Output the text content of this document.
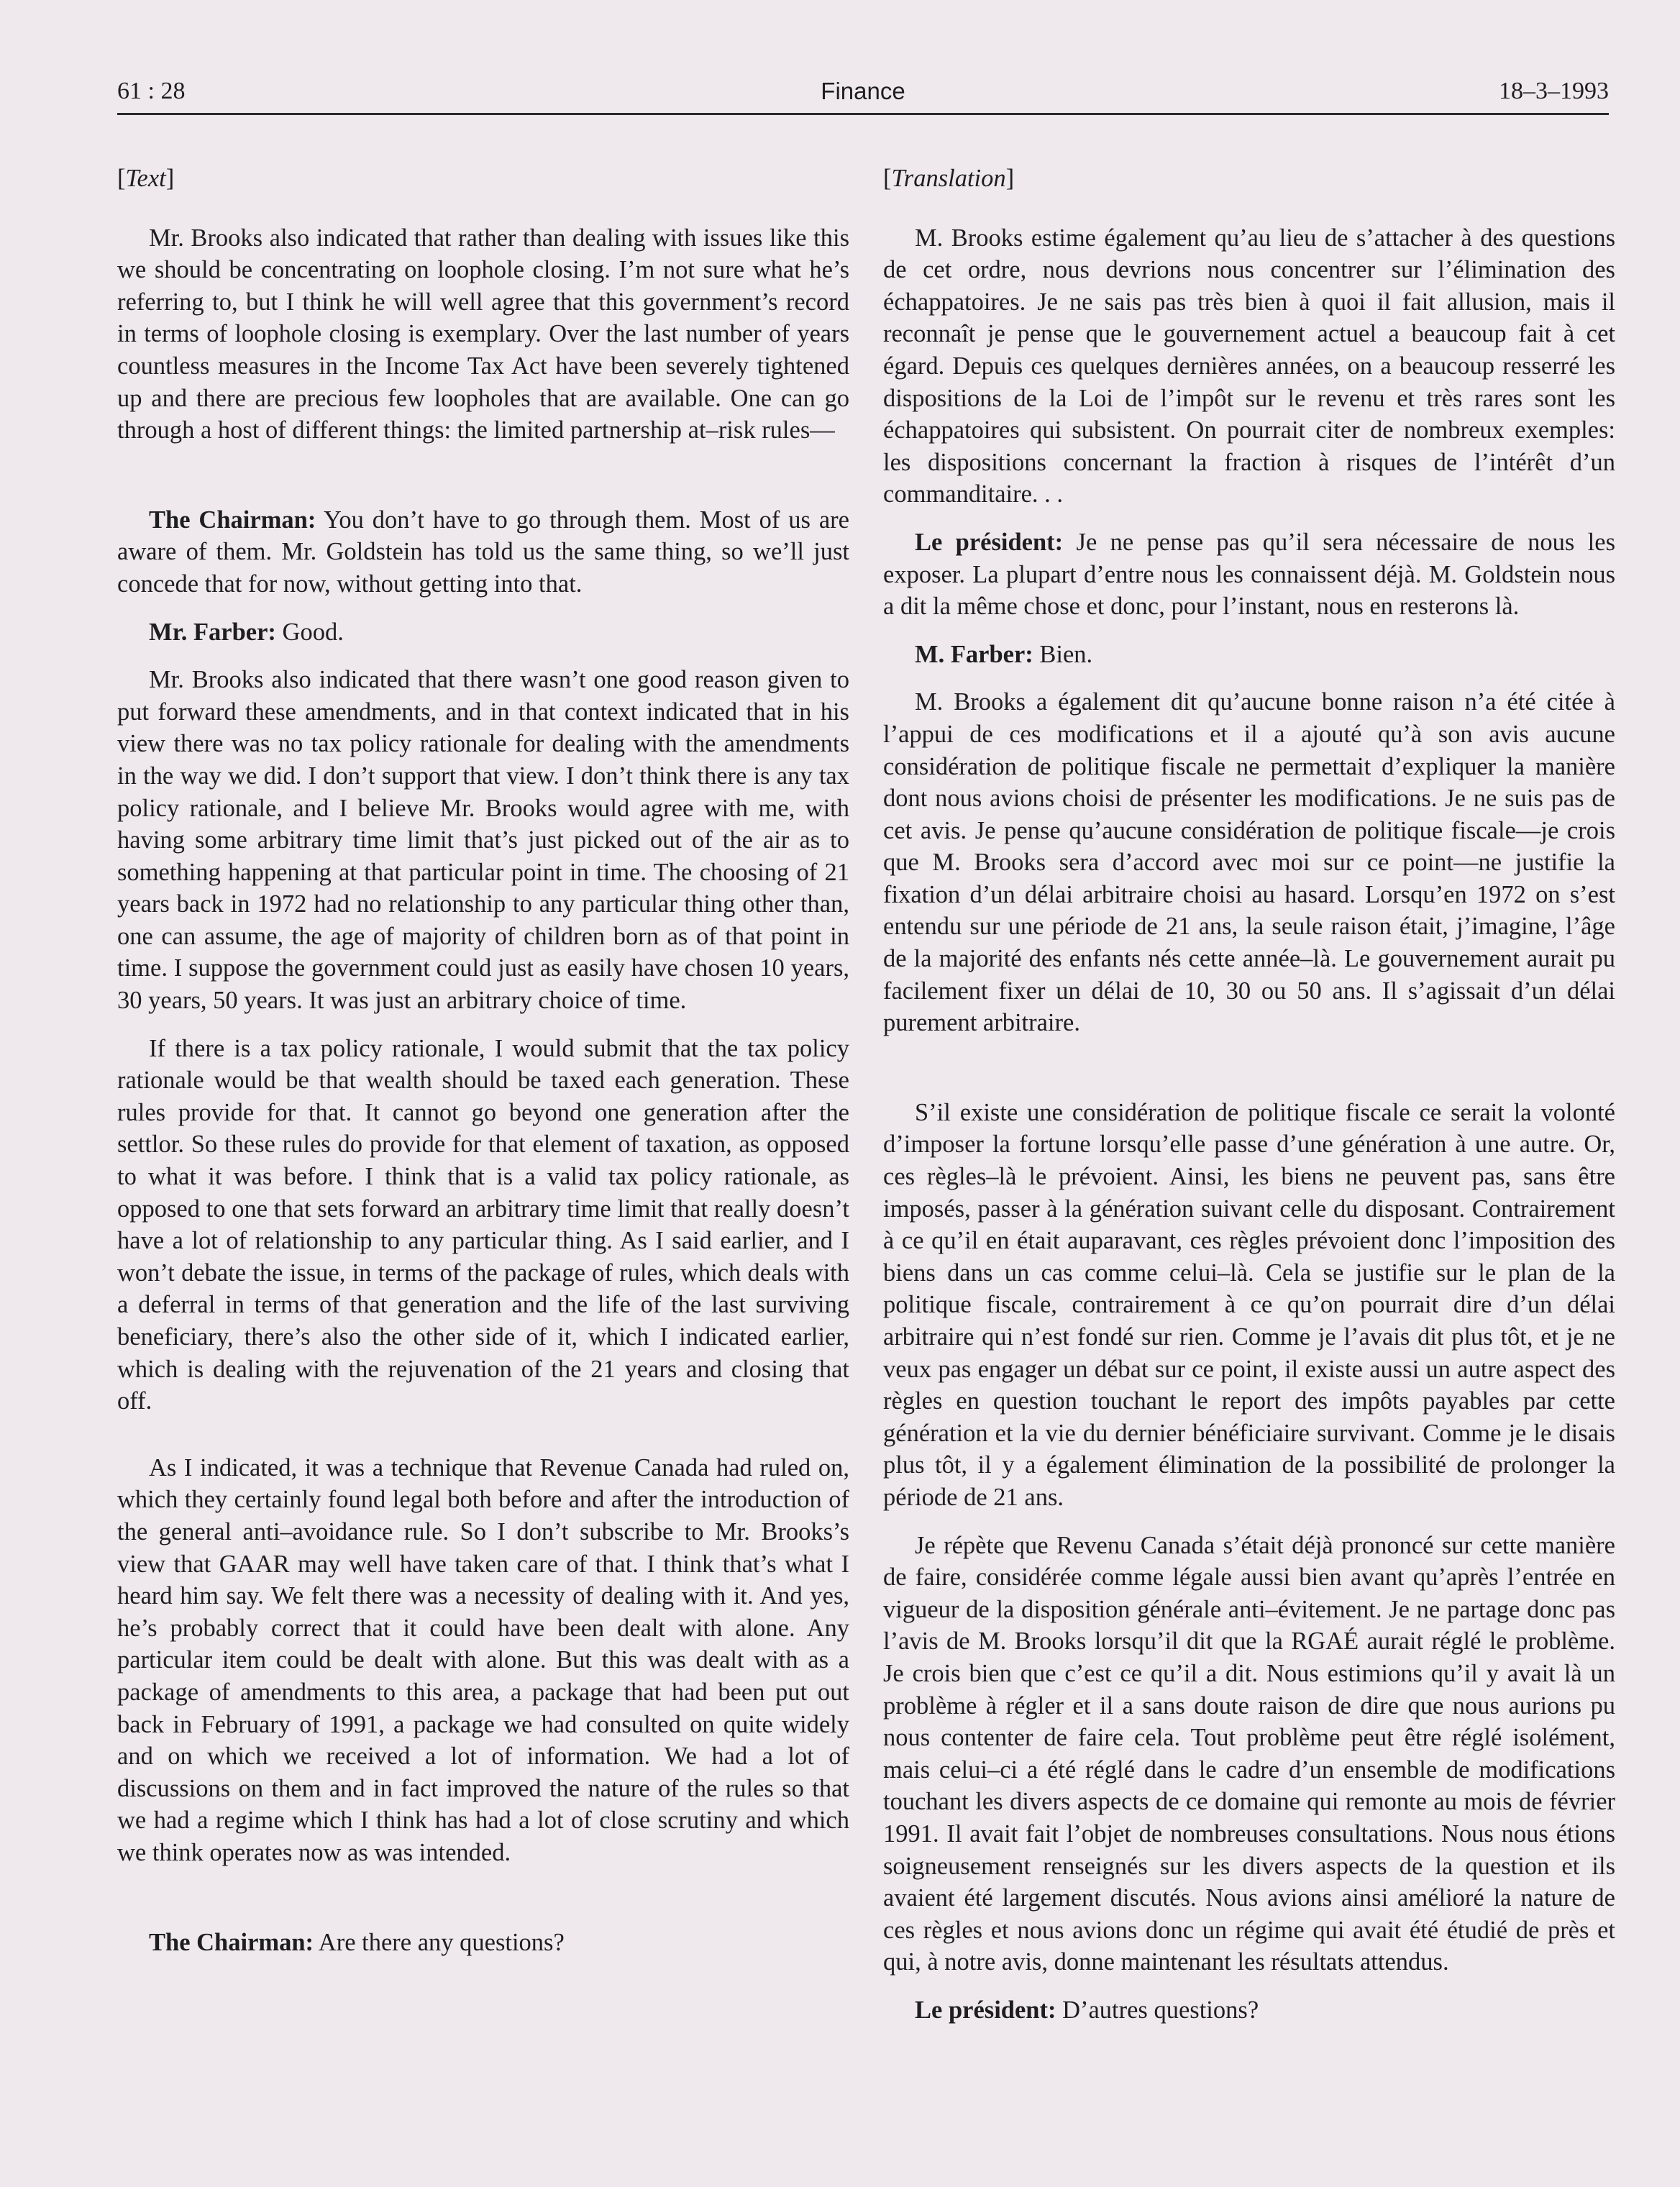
61 : 28	Finance	18–3–1993
[Text]

Mr. Brooks also indicated that rather than dealing with issues like this we should be concentrating on loophole closing. I’m not sure what he’s referring to, but I think he will well agree that this government’s record in terms of loophole closing is exemplary. Over the last number of years countless measures in the Income Tax Act have been severely tightened up and there are precious few loopholes that are available. One can go through a host of different things: the limited partnership at–risk rules—

The Chairman: You don’t have to go through them. Most of us are aware of them. Mr. Goldstein has told us the same thing, so we’ll just concede that for now, without getting into that.

Mr. Farber: Good.

Mr. Brooks also indicated that there wasn’t one good reason given to put forward these amendments, and in that context indicated that in his view there was no tax policy rationale for dealing with the amendments in the way we did. I don’t support that view. I don’t think there is any tax policy rationale, and I believe Mr. Brooks would agree with me, with having some arbitrary time limit that’s just picked out of the air as to something happening at that particular point in time. The choosing of 21 years back in 1972 had no relationship to any particular thing other than, one can assume, the age of majority of children born as of that point in time. I suppose the government could just as easily have chosen 10 years, 30 years, 50 years. It was just an arbitrary choice of time.

If there is a tax policy rationale, I would submit that the tax policy rationale would be that wealth should be taxed each generation. These rules provide for that. It cannot go beyond one generation after the settlor. So these rules do provide for that element of taxation, as opposed to what it was before. I think that is a valid tax policy rationale, as opposed to one that sets forward an arbitrary time limit that really doesn’t have a lot of relationship to any particular thing. As I said earlier, and I won’t debate the issue, in terms of the package of rules, which deals with a deferral in terms of that generation and the life of the last surviving beneficiary, there’s also the other side of it, which I indicated earlier, which is dealing with the rejuvenation of the 21 years and closing that off.

As I indicated, it was a technique that Revenue Canada had ruled on, which they certainly found legal both before and after the introduction of the general anti–avoidance rule. So I don’t subscribe to Mr. Brooks’s view that GAAR may well have taken care of that. I think that’s what I heard him say. We felt there was a necessity of dealing with it. And yes, he’s probably correct that it could have been dealt with alone. Any particular item could be dealt with alone. But this was dealt with as a package of amendments to this area, a package that had been put out back in February of 1991, a package we had consulted on quite widely and on which we received a lot of information. We had a lot of discussions on them and in fact improved the nature of the rules so that we had a regime which I think has had a lot of close scrutiny and which we think operates now as was intended.

The Chairman: Are there any questions?

[Translation]

M. Brooks estime également qu’au lieu de s’attacher à des questions de cet ordre, nous devrions nous concentrer sur l’élimination des échappatoires. Je ne sais pas très bien à quoi il fait allusion, mais il reconnaît je pense que le gouvernement actuel a beaucoup fait à cet égard. Depuis ces quelques dernières années, on a beaucoup resserré les dispositions de la Loi de l’impôt sur le revenu et très rares sont les échappatoires qui subsistent. On pourrait citer de nombreux exemples: les dispositions concernant la fraction à risques de l’intérêt d’un commanditaire. . .

Le président: Je ne pense pas qu’il sera nécessaire de nous les exposer. La plupart d’entre nous les connaissent déjà. M. Goldstein nous a dit la même chose et donc, pour l’instant, nous en resterons là.

M. Farber: Bien.

M. Brooks a également dit qu’aucune bonne raison n’a été citée à l’appui de ces modifications et il a ajouté qu’à son avis aucune considération de politique fiscale ne permettait d’expliquer la manière dont nous avions choisi de présenter les modifications. Je ne suis pas de cet avis. Je pense qu’aucune considération de politique fiscale—je crois que M. Brooks sera d’accord avec moi sur ce point—ne justifie la fixation d’un délai arbitraire choisi au hasard. Lorsqu’en 1972 on s’est entendu sur une période de 21 ans, la seule raison était, j’imagine, l’âge de la majorité des enfants nés cette année–là. Le gouvernement aurait pu facilement fixer un délai de 10, 30 ou 50 ans. Il s’agissait d’un délai purement arbitraire.

S’il existe une considération de politique fiscale ce serait la volonté d’imposer la fortune lorsqu’elle passe d’une génération à une autre. Or, ces règles–là le prévoient. Ainsi, les biens ne peuvent pas, sans être imposés, passer à la génération suivant celle du disposant. Contrairement à ce qu’il en était auparavant, ces règles prévoient donc l’imposition des biens dans un cas comme celui–là. Cela se justifie sur le plan de la politique fiscale, contrairement à ce qu’on pourrait dire d’un délai arbitraire qui n’est fondé sur rien. Comme je l’avais dit plus tôt, et je ne veux pas engager un débat sur ce point, il existe aussi un autre aspect des règles en question touchant le report des impôts payables par cette génération et la vie du dernier bénéficiaire survivant. Comme je le disais plus tôt, il y a également élimination de la possibilité de prolonger la période de 21 ans.

Je répète que Revenu Canada s’était déjà prononcé sur cette manière de faire, considérée comme légale aussi bien avant qu’après l’entrée en vigueur de la disposition générale anti–évitement. Je ne partage donc pas l’avis de M. Brooks lorsqu’il dit que la RGAÉ aurait réglé le problème. Je crois bien que c’est ce qu’il a dit. Nous estimions qu’il y avait là un problème à régler et il a sans doute raison de dire que nous aurions pu nous contenter de faire cela. Tout problème peut être réglé isolément, mais celui–ci a été réglé dans le cadre d’un ensemble de modifications touchant les divers aspects de ce domaine qui remonte au mois de février 1991. Il avait fait l’objet de nombreuses consultations. Nous nous étions soigneusement renseignés sur les divers aspects de la question et ils avaient été largement discutés. Nous avions ainsi amélioré la nature de ces règles et nous avions donc un régime qui avait été étudié de près et qui, à notre avis, donne maintenant les résultats attendus.

Le président: D’autres questions?
